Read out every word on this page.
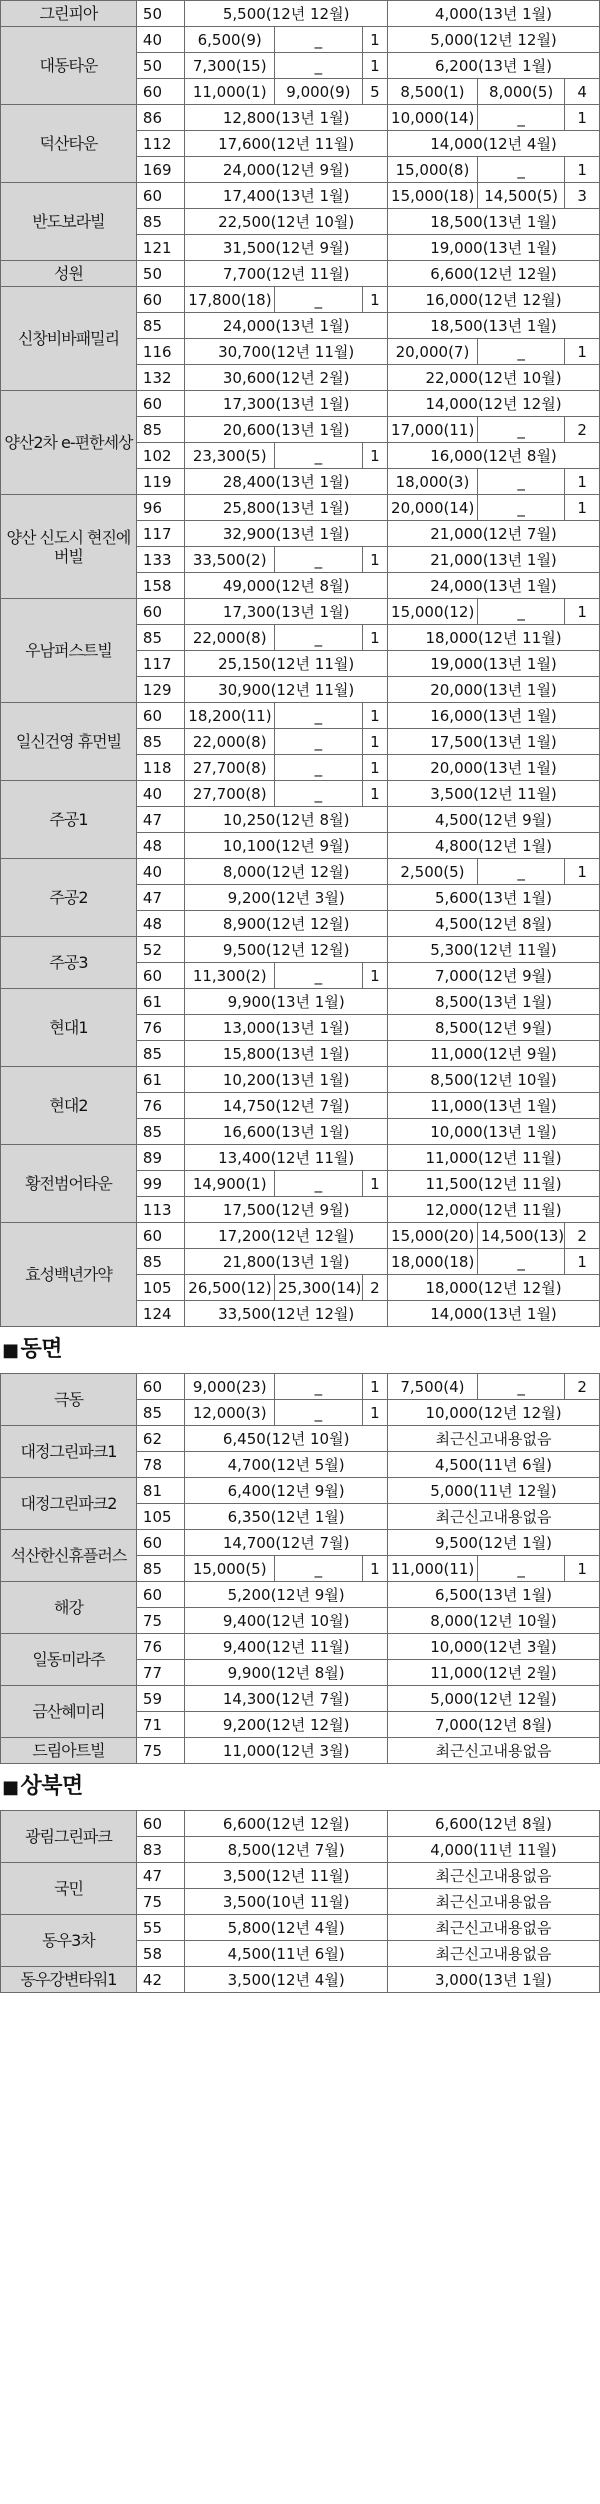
그린피아	50	5,500(12년 12월)			4,000(13년 1월)		
대동타운	40	6,500(9)	_	1	5,000(12년 12월)		
	50	7,300(15)	_	1	6,200(13년 1월)		
	60	11,000(1)	9,000(9)	5	8,500(1)	8,000(5)	4
덕산타운	86	12,800(13년 1월)			10,000(14)	_	1
	112	17,600(12년 11월)			14,000(12년 4월)		
	169	24,000(12년 9월)			15,000(8)	_	1
반도보라빌	60	17,400(13년 1월)			15,000(18)	14,500(5)	3
	85	22,500(12년 10월)			18,500(13년 1월)		
	121	31,500(12년 9월)			19,000(13년 1월)		
성원	50	7,700(12년 11월)			6,600(12년 12월)		
신창비바패밀리	60	17,800(18)	_	1	16,000(12년 12월)		
	85	24,000(13년 1월)			18,500(13년 1월)		
	116	30,700(12년 11월)			20,000(7)	_	1
	132	30,600(12년 2월)			22,000(12년 10월)		
양산2차 e-편한세상	60	17,300(13년 1월)			14,000(12년 12월)		
	85	20,600(13년 1월)			17,000(11)	_	2
	102	23,300(5)	_	1	16,000(12년 8월)		
	119	28,400(13년 1월)			18,000(3)	_	1
양산 신도시 현진에버빌	96	25,800(13년 1월)			20,000(14)	_	1
	117	32,900(13년 1월)			21,000(12년 7월)		
	133	33,500(2)	_	1	21,000(13년 1월)		
	158	49,000(12년 8월)			24,000(13년 1월)		
우남퍼스트빌	60	17,300(13년 1월)			15,000(12)	_	1
	85	22,000(8)	_	1	18,000(12년 11월)		
	117	25,150(12년 11월)			19,000(13년 1월)		
	129	30,900(12년 11월)			20,000(13년 1월)		
일신건영 휴먼빌	60	18,200(11)	_	1	16,000(13년 1월)		
	85	22,000(8)	_	1	17,500(13년 1월)		
	118	27,700(8)	_	1	20,000(13년 1월)		
주공1	40	27,700(8)	_	1	3,500(12년 11월)		
	47	10,250(12년 8월)			4,500(12년 9월)		
	48	10,100(12년 9월)			4,800(12년 1월)		
주공2	40	8,000(12년 12월)			2,500(5)	_	1
	47	9,200(12년 3월)			5,600(13년 1월)		
	48	8,900(12년 12월)			4,500(12년 8월)		
주공3	52	9,500(12년 12월)			5,300(12년 11월)		
	60	11,300(2)	_	1	7,000(12년 9월)		
현대1	61	9,900(13년 1월)			8,500(13년 1월)		
	76	13,000(13년 1월)			8,500(12년 9월)		
	85	15,800(13년 1월)			11,000(12년 9월)		
현대2	61	10,200(13년 1월)			8,500(12년 10월)		
	76	14,750(12년 7월)			11,000(13년 1월)		
	85	16,600(13년 1월)			10,000(13년 1월)		
황전범어타운	89	13,400(12년 11월)			11,000(12년 11월)		
	99	14,900(1)	_	1	11,500(12년 11월)		
	113	17,500(12년 9월)			12,000(12년 11월)		
효성백년가약	60	17,200(12년 12월)			15,000(20)	14,500(13)	2
	85	21,800(13년 1월)			18,000(18)	_	1
	105	26,500(12)	25,300(14)	2	18,000(12년 12월)		
	124	33,500(12년 12월)			14,000(13년 1월)		
■동면
극동	60	9,000(23)	_	1	7,500(4)	_	2
	85	12,000(3)	_	1	10,000(12년 12월)		
대정그린파크1	62	6,450(12년 10월)			최근신고내용없음		
	78	4,700(12년 5월)			4,500(11년 6월)		
대정그린파크2	81	6,400(12년 9월)			5,000(11년 12월)		
	105	6,350(12년 1월)			최근신고내용없음		
석산한신휴플러스	60	14,700(12년 7월)			9,500(12년 1월)		
	85	15,000(5)	_	1	11,000(11)	_	1
해강	60	5,200(12년 9월)			6,500(13년 1월)		
	75	9,400(12년 10월)			8,000(12년 10월)		
일동미라주	76	9,400(12년 11월)			10,000(12년 3월)		
	77	9,900(12년 8월)			11,000(12년 2월)		
금산혜미리	59	14,300(12년 7월)			5,000(12년 12월)		
	71	9,200(12년 12월)			7,000(12년 8월)		
드림아트빌	75	11,000(12년 3월)			최근신고내용없음		
■상북면
광림그린파크	60	6,600(12년 12월)	6,600(12년 8월)
	83	8,500(12년 7월)	4,000(11년 11월)
국민	47	3,500(12년 11월)	최근신고내용없음
	75	3,500(10년 11월)	최근신고내용없음
동우3차	55	5,800(12년 4월)	최근신고내용없음
	58	4,500(11년 6월)	최근신고내용없음
동우강변타워1	42	3,500(12년 4월)	3,000(13년 1월)
